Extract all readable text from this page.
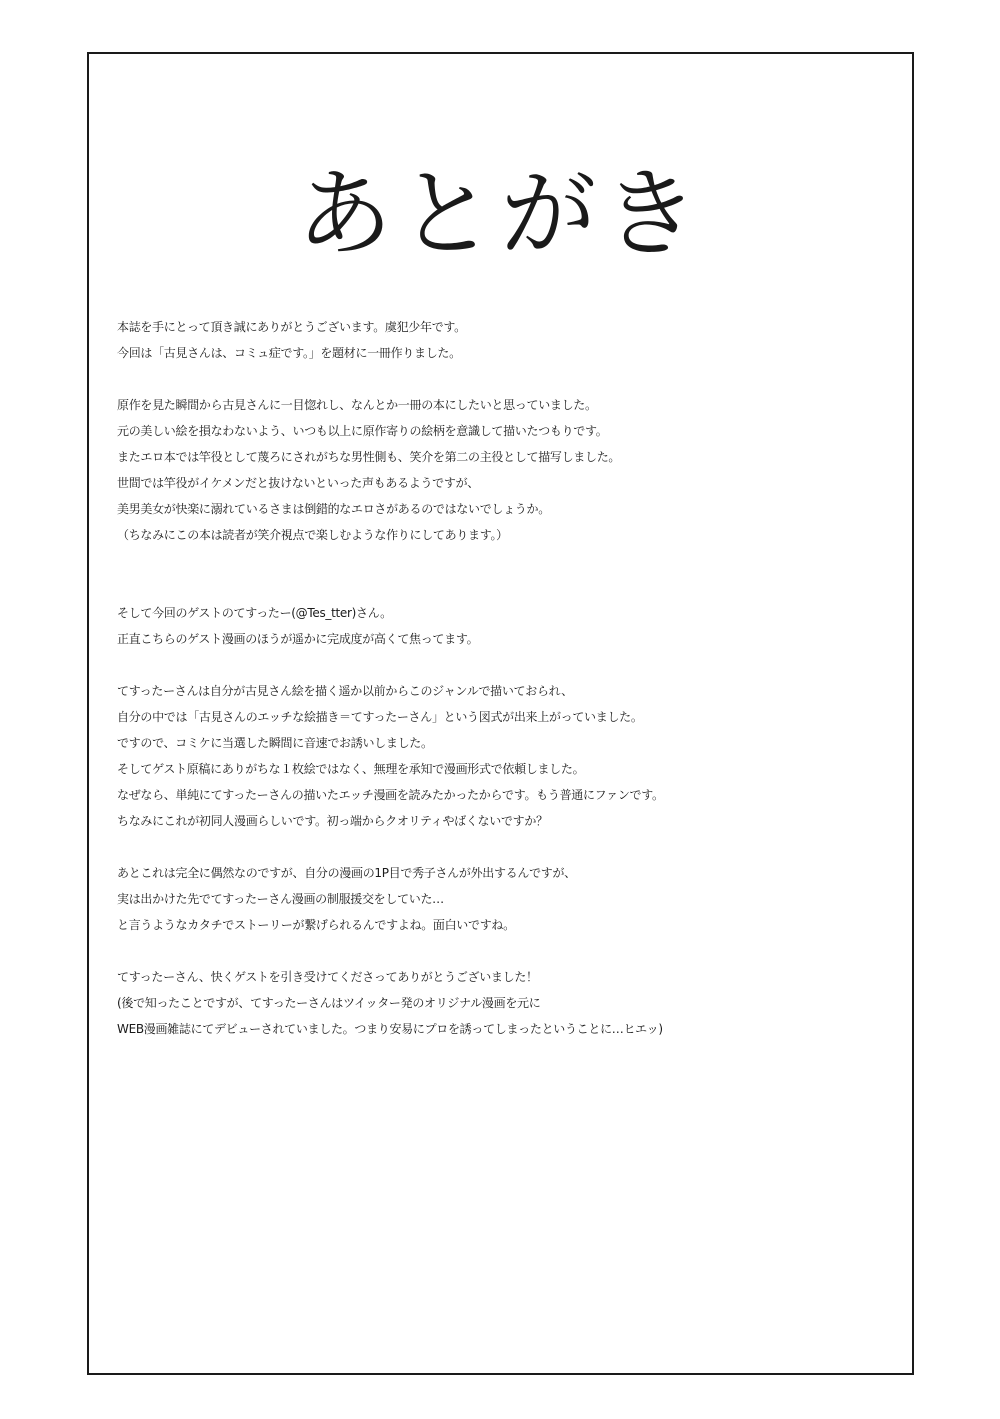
あとがき
本誌を手にとって頂き誠にありがとうございます。虞犯少年です。
今回は「古見さんは、コミュ症です。」を題材に一冊作りました。
原作を見た瞬間から古見さんに一目惚れし、なんとか一冊の本にしたいと思っていました。
元の美しい絵を損なわないよう、いつも以上に原作寄りの絵柄を意識して描いたつもりです。
またエロ本では竿役として蔑ろにされがちな男性側も、笑介を第二の主役として描写しました。
世間では竿役がイケメンだと抜けないといった声もあるようですが、
美男美女が快楽に溺れているさまは倒錯的なエロさがあるのではないでしょうか。
（ちなみにこの本は読者が笑介視点で楽しむような作りにしてあります。）
そして今回のゲストのてすったー(@Tes_tter)さん。
正直こちらのゲスト漫画のほうが遥かに完成度が高くて焦ってます。
てすったーさんは自分が古見さん絵を描く遥か以前からこのジャンルで描いておられ、
自分の中では「古見さんのエッチな絵描き＝てすったーさん」という図式が出来上がっていました。
ですので、コミケに当選した瞬間に音速でお誘いしました。
そしてゲスト原稿にありがちな１枚絵ではなく、無理を承知で漫画形式で依頼しました。
なぜなら、単純にてすったーさんの描いたエッチ漫画を読みたかったからです。もう普通にファンです。
ちなみにこれが初同人漫画らしいです。初っ端からクオリティやばくないですか？
あとこれは完全に偶然なのですが、自分の漫画の1P目で秀子さんが外出するんですが、
実は出かけた先でてすったーさん漫画の制服援交をしていた…
と言うようなカタチでストーリーが繋げられるんですよね。面白いですね。
てすったーさん、快くゲストを引き受けてくださってありがとうございました！
(後で知ったことですが、てすったーさんはツイッター発のオリジナル漫画を元に
WEB漫画雑誌にてデビューされていました。つまり安易にプロを誘ってしまったということに…ヒエッ)
